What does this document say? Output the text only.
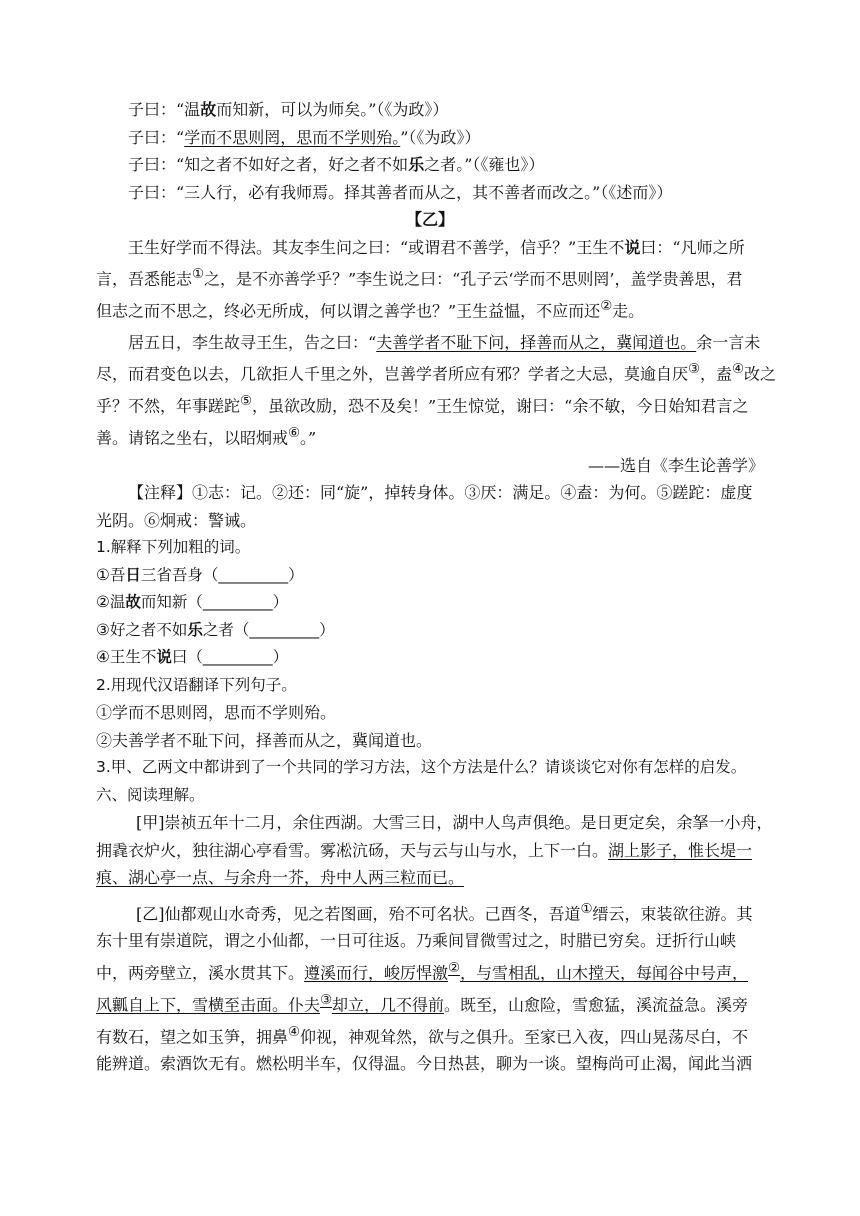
子曰：“温故而知新，可以为师矣。”（《为政》）
子曰：“学而不思则罔，思而不学则殆。”（《为政》）
子曰：“知之者不如好之者，好之者不如乐之者。”（《雍也》）
子曰：“三人行，必有我师焉。择其善者而从之，其不善者而改之。”（《述而》）
【乙】
王生好学而不得法。其友李生问之曰：“或谓君不善学，信乎？”王生不说曰：“凡师之所
言，吾悉能志①之，是不亦善学乎？”李生说之曰：“孔子云‘学而不思则罔’，盖学贵善思，君
但志之而不思之，终必无所成，何以谓之善学也？”王生益愠，不应而还②走。
居五日，李生故寻王生，告之曰：“夫善学者不耻下问，择善而从之，冀闻道也。余一言未
尽，而君变色以去，几欲拒人千里之外，岂善学者所应有邪？学者之大忌，莫逾自厌③，盍④改之
乎？不然，年事蹉跎⑤，虽欲改励，恐不及矣！”王生惊觉，谢曰：“余不敏，今日始知君言之
善。请铭之坐右，以昭炯戒⑥。”
——选自《李生论善学》
【注释】①志：记。②还：同“旋”，掉转身体。③厌：满足。④盍：为何。⑤蹉跎：虚度
光阴。⑥炯戒：警诫。
1.解释下列加粗的词。
①吾日三省吾身（_________）
②温故而知新（_________）
③好之者不如乐之者（_________）
④王生不说曰（_________）
2.用现代汉语翻译下列句子。
①学而不思则罔，思而不学则殆。
②夫善学者不耻下问，择善而从之，冀闻道也。
3.甲、乙两文中都讲到了一个共同的学习方法，这个方法是什么？请谈谈它对你有怎样的启发。
六、阅读理解。
[甲]崇祯五年十二月，余住西湖。大雪三日，湖中人鸟声俱绝。是日更定矣，余拏一小舟，
拥毳衣炉火，独往湖心亭看雪。雾凇沆砀，天与云与山与水，上下一白。湖上影子，惟长堤一
痕、湖心亭一点、与余舟一芥，舟中人两三粒而已。
[乙]仙都观山水奇秀，见之若图画，殆不可名状。己酉冬，吾道①缙云，束装欲往游。其
东十里有崇道院，谓之小仙都，一日可往返。乃乘间冒微雪过之，时腊已穷矣。迂折行山峡
中，两旁壁立，溪水贯其下。遵溪而行，峻厉悍激②，与雪相乱，山木摚天，每闻谷中号声，
风瓤自上下，雪横至击面。仆夫③却立，几不得前。既至，山愈险，雪愈猛，溪流益急。溪旁
有数石，望之如玉笋，拥鼻④仰视，神观耸然，欲与之俱升。至家已入夜，四山晃荡尽白，不
能辨道。索酒饮无有。燃松明半车，仅得温。今日热甚，聊为一谈。望梅尚可止渴，闻此当洒
